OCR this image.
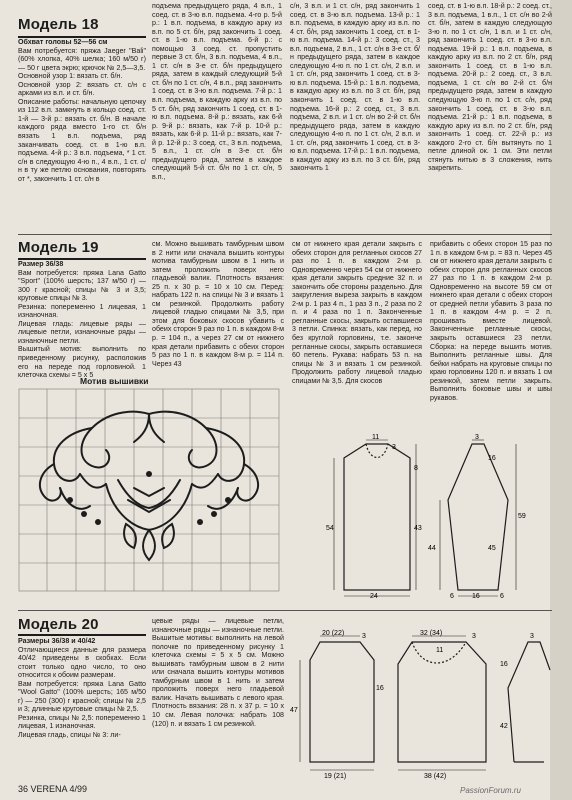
Модель 18

Обхват головы 52—56 см

Вам потребуется: пряжа Jaeger "Bali" (60% хлопка, 40% шелка; 160 м/50 г) — 50 г цвета экрю; крючок № 2,5—3,5.

Основной узор 1: вязать ст. б/н.

Основной узор 2: вязать ст. с/н с арками из в.п. и ст. б/н.

Описание работы: начальную цепочку из 112 в.п. замкнуть в кольцо соед. ст. 1-й — 3-й р.: вязать ст. б/н. В начале каждого ряда вместо 1-го ст. б/н вязать 1 в.п. подъема, ряд заканчивать соед. ст. в 1-ю в.п. подъема. 4-й р.: 3 в.п. подъема, * 1 ст. с/н в следующую 4-ю п., 4 в.п., 1 ст. с/н в ту же петлю основания, повторять от *, закончить 1 ст. с/н в

подъема предыдущего ряда, 4 в.п., 1 соед. ст. в 3-ю в.п. подъема. 4-го р. 5-й р.: 1 в.п. подъема, в каждую арку из в.п. по 5 ст. б/н, ряд закончить 1 соед. ст. в 1-ю в.п. подъема. 6-й р.: с помощью 3 соед. ст. пропустить первые 3 ст. б/н, 3 в.п. подъема, 4 в.п., 1 ст. с/н в 3-е ст. б/н предыдущего ряда, затем в каждый следующий 5-й ст. б/н по 1 ст. с/н, 4 в.п., ряд закончить 1 соед. ст. в 3-ю в.п. подъема. 7-й р.: 1 в.п. подъема, в каждую арку из в.п. по 5 ст. б/н, ряд закончить 1 соед. ст. в 1-ю в.п. подъема. 8-й р.: вязать, как 6-й р. 9-й р.: вязать, как 7-й р. 10-й р.: вязать, как 6-й р. 11-й р.: вязать, как 7-й р. 12-й р.: 3 соед. ст., 3 в.п. подъема, 5 в.п., 1 ст. с/н в 3-е ст. б/н предыдущего ряда, затем в каждое следующий 5-й ст. б/н по 1 ст. с/н, 5 в.п.,
с/н, 3 в.п. и 1 ст. с/н, ряд закончить 1 соед. ст. в 3-ю в.п. подъема. 13-й р.: 1 в.п. подъема, в каждую арку из в.п. по 4 ст. б/н, ряд закончить 1 соед. ст. в 1-ю в.п. подъема. 14-й р.: 3 соед. ст., 3 в.п. подъема, 2 в.п., 1 ст. с/н в 3-е ст. б/н предыдущего ряда, затем в каждое следующую 4-ю п. по 1 ст. с/н, 2 в.п. и 1 ст. с/н, ряд закончить 1 соед. ст. в 3-ю в.п. подъема. 15-й р.: 1 в.п. подъема, в каждую арку из в.п. по 3 ст. б/н, ряд закончить 1 соед. ст. в 1-ю в.п. подъема. 16-й р.: 2 соед. ст., 3 в.п. подъема, 2 в.п. и 1 ст. с/н во 2-й ст. б/н предыдущего ряда, затем в каждую следующую 4-ю п. по 1 ст. с/н, 2 в.п. и 1 ст. с/н, ряд закончить 1 соед. ст. в 3-ю в.п. подъема. 17-й р.: 1 в.п. подъема, в каждую арку из в.п. по 3 ст. б/н, ряд закончить 1
соед. ст. в 1-ю в.п. 18-й р.: 2 соед. ст., 3 в.п. подъема, 1 в.п., 1 ст. с/н во 2-й ст. б/н, затем в каждую следующую 3-ю п. по 1 ст. с/н, 1 в.п. и 1 ст. с/н, ряд закончить 1 соед. ст. в 3-ю в.п. подъема. 19-й р.: 1 в.п. подъема, в каждую арку из в.п. по 2 ст. б/н, ряд закончить 1 соед. ст. в 1-ю в.п. подъема. 20-й р.: 2 соед. ст., 3 в.п. подъема, 1 ст. с/н во 2-й ст. б/н предыдущего ряда, затем в каждую следующую 3-ю п. по 1 ст. с/н, ряд закончить 1 соед. ст. в 3-ю в.п. подъема. 21-й р.: 1 в.п. подъема, в каждую арку из в.п. по 2 ст. б/н, ряд закончить 1 соед. ст. 22-й р.: из каждого 2-го ст. б/н вытянуть по 1 петле длиной ок. 1 см. Эти петли стянуть нитью в 3 сложения, нить закрепить.
Модель 19

Размер 36/38

Вам потребуется: пряжа Lana Gatto "Sport" (100% шерсть; 137 м/50 г) — 300 г красной; спицы № 3 и 3,5; круговые спицы № 3.

Резинка: попеременно 1 лицевая, 1 изнаночная.

Лицевая гладь: лицевые ряды — лицевые петли, изнаночные ряды — изнаночные петли.

Вышитый мотив: выполнить по приведенному рисунку, расположив его на переде под горловиной. 1 клеточка схемы = 5 x 5

см. Можно вышивать тамбурным швом в 2 нити или сначала вышить контуры мотива тамбурным швом в 1 нить и затем проложить поверх него гладьевой валик. Плотность вязания: 25 п. x 30 р. = 10 x 10 см. Перед: набрать 122 п. на спицы № 3 и вязать 1 см резинкой. Продолжить работу лицевой гладью спицами № 3,5, при этом для боковых скосов убавить с обеих сторон 9 раз по 1 п. в каждом 8-м р. = 104 п., а через 27 см от нижнего края детали прибавить с обеих сторон 5 раз по 1 п. в каждом 8-м р. = 114 п. Через 43
см от нижнего края детали закрыть с обеих сторон для регланных скосов 27 раз по 1 п. в каждом 2-м р. Одновременно через 54 см от нижнего края детали закрыть средние 32 п. и закончить обе стороны раздельно. Для закругления выреза закрыть в каждом 2-м р. 1 раз 4 п., 1 раз 3 п., 2 раза по 2 п. и 4 раза по 1 п. Законченные регланные скосы, закрыть оставшиеся 3 петли. Спинка: вязать, как перед, но без круглой горловины, т.е. законче регланные скосы, закрыть оставшиеся 60 петель. Рукава: набрать 53 п. на спицы № 3 и вязать 1 см резинкой. Продолжить работу лицевой гладью спицами № 3,5. Для скосов
прибавить с обеих сторон 15 раз по 1 п. в каждом 6-м р. = 83 п. Через 45 см от нижнего края детали закрыть с обеих сторон для регланных скосов 27 раз по 1 п. в каждом 2-м р. Одновременно на высоте 59 см от нижнего края детали с обеих сторон от средней петли убавить 3 раза по 1 п. в каждом 4-м р. = 2 п. прошивать вместе лицевой. Законченные регланные скосы, закрыть оставшиеся 23 петли. Сборка: на переде вышить мотив. Выполнить регланные швы. Для бейки набрать на круговые спицы по краю горловины 120 п. и вязать 1 см резинкой, затем петли закрыть. Выполнить боковые швы и швы рукавов.
Мотив вышивки
11
3
54	43
8
24
3
16
59
44	45
6	16	6
Модель 20

Размеры 36/38 и 40/42

Отличающиеся данные для размера 40/42 приведены в скобках. Если стоит только одно число, то оно относится к обоим размерам.

Вам потребуется: пряжа Lana Gatto "Wool Gatto" (100% шерсть; 165 м/50 г) — 250 (300) г красной; спицы № 2,5 и 3; длинные круговые спицы № 2,5.

Резинка, спицы № 2,5: попеременно 1 лицевая, 1 изнаночная.

Лицевая гладь, спицы № 3: ли-

цевые ряды — лицевые петли, изнаночные ряды — изнаночные петли. Вышитые мотивы: выполнить на левой полочке по приведенному рисунку 1 клеточка схемы = 5 x 5 см. Можно вышивать тамбурным швом в 2 нити или сначала вышить контуры мотивов тамбурным швом в 1 нить и затем проложить поверх него гладьевой валик. Начать вышивать с левого края. Плотность вязания: 28 п. x 37 р. = 10 x 10 см. Левая полочка: набрать 108 (120) п. и вязать 1 см резинкой.
20 (22)	3
47
16
19 (21)
32 (34)
11
38 (42)
3	3
16
42
36 VERENA 4/99	PassionForum.ru
